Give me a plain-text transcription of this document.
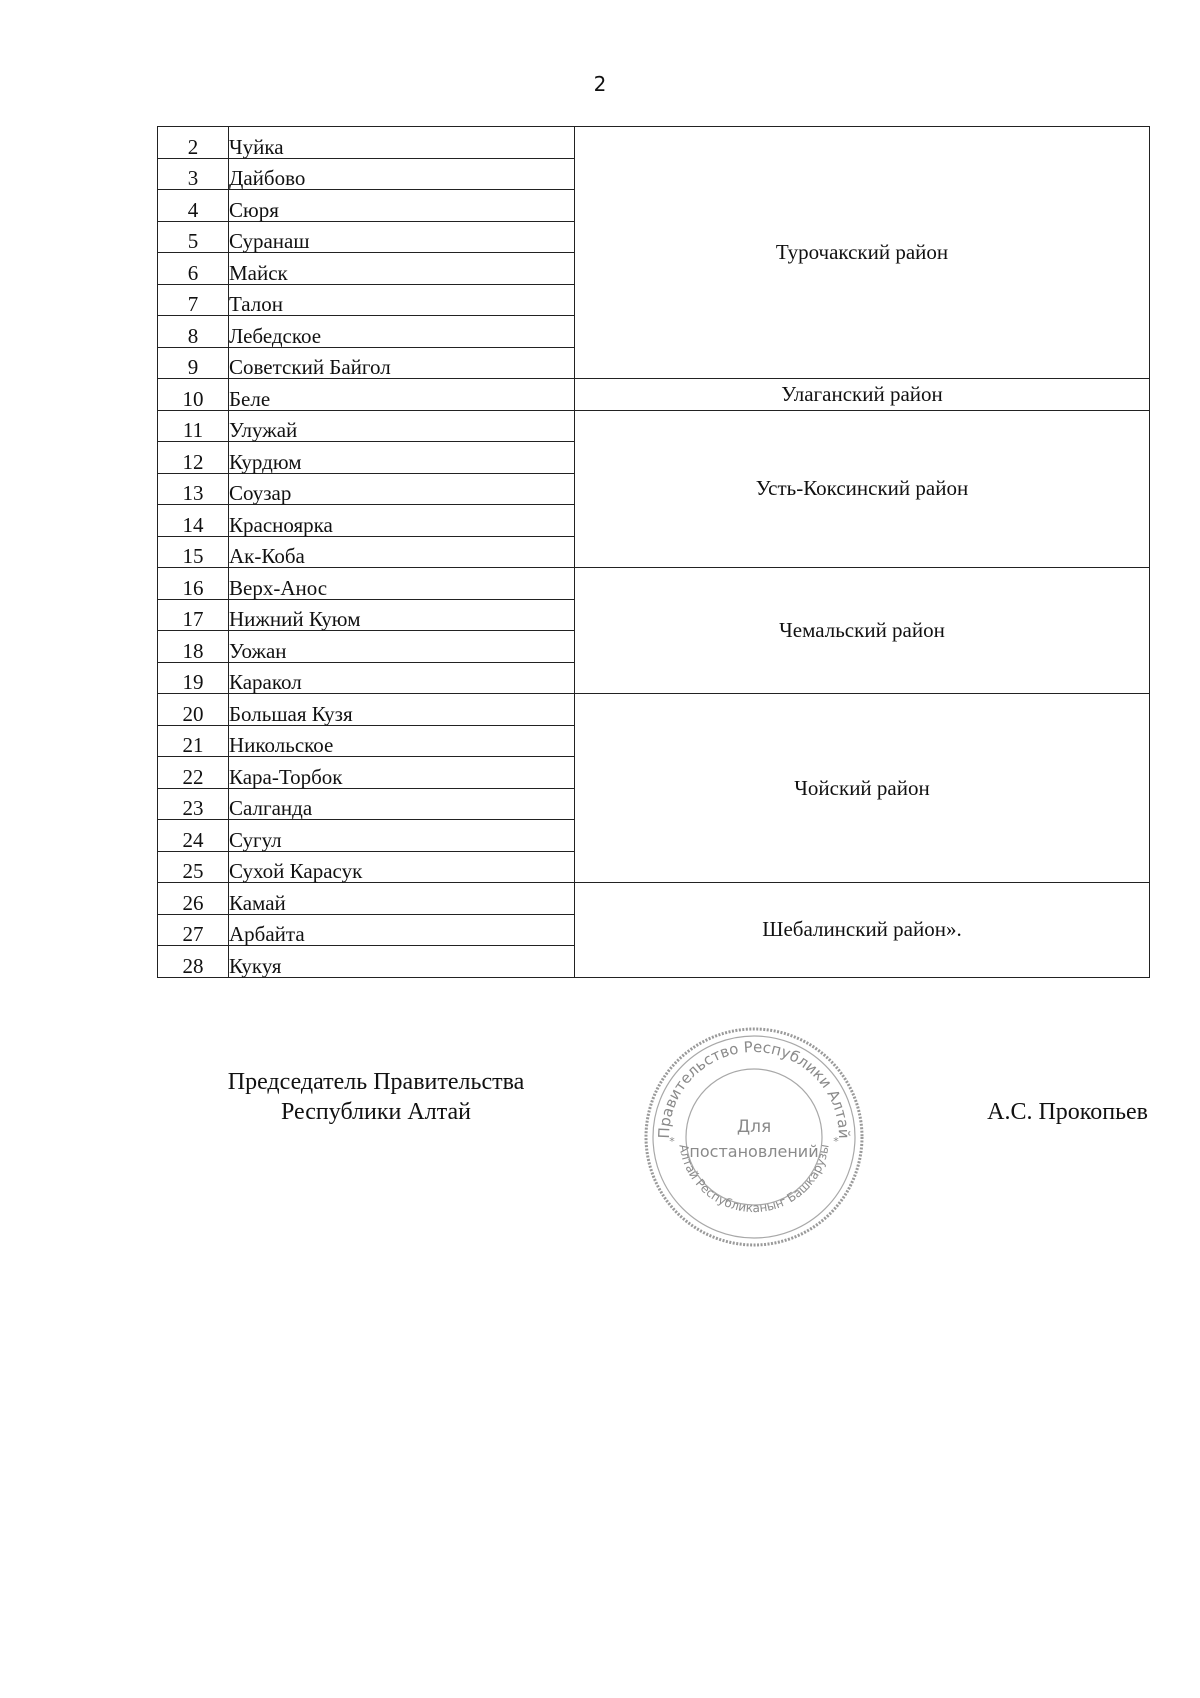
2
2	Чуйка	Турочакский район
3	Дайбово	
4	Сюря	
5	Суранаш	
6	Майск	
7	Талон	
8	Лебедское	
9	Советский Байгол	
10	Беле	Улаганский район
11	Улужай	Усть-Коксинский район
12	Курдюм	
13	Соузар	
14	Красноярка	
15	Ак-Коба	
16	Верх-Анос	Чемальский район
17	Нижний Куюм	
18	Уожан	
19	Каракол	
20	Большая Кузя	Чойский район
21	Никольское	
22	Кара-Торбок	
23	Салганда	
24	Сугул	
25	Сухой Карасук	
26	Камай	Шебалинский район».
27	Арбайта	
28	Кукуя	
Председатель Правительства
Республики Алтай
Правительство Республики Алтай
Алтай Республиканыҥ Башкарузы
Для
постановлений
*	*
А.С. Прокопьев
